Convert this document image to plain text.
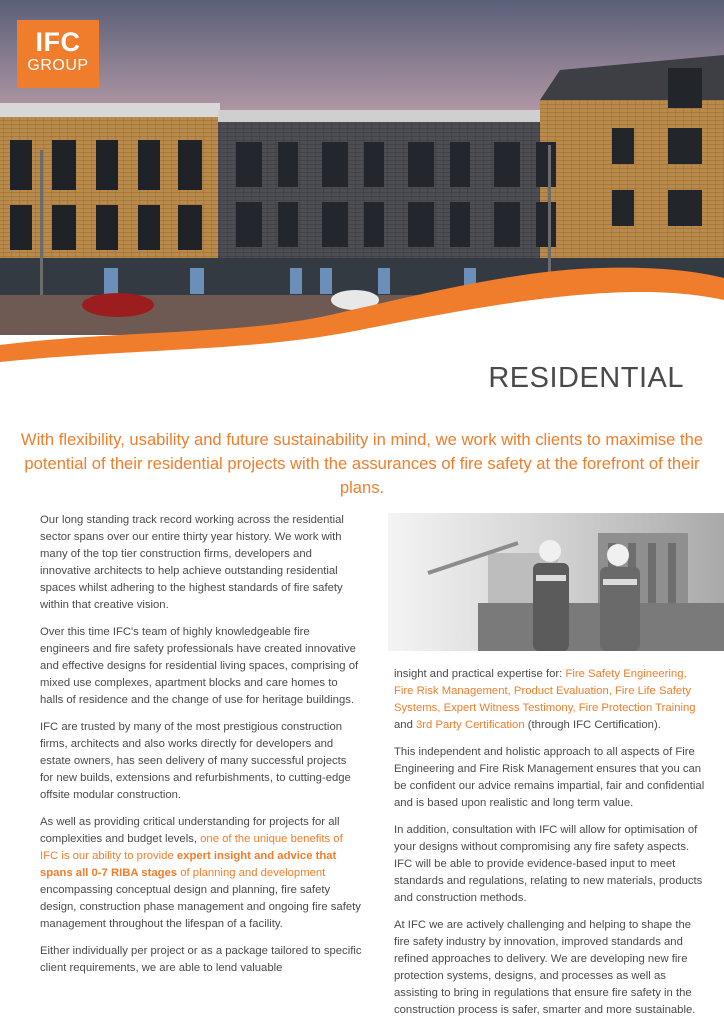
IFC
GROUP
RESIDENTIAL

With flexibility, usability and future sustainability in mind, we work with clients to maximise the potential of their residential projects with the assurances of fire safety at the forefront of their plans.

Our long standing track record working across the residential sector spans over our entire thirty year history. We work with many of the top tier construction firms, developers and innovative architects to help achieve outstanding residential spaces whilst adhering to the highest standards of fire safety within that creative vision.

Over this time IFC's team of highly knowledgeable fire engineers and fire safety professionals have created innovative and effective designs for residential living spaces, comprising of mixed use complexes, apartment blocks and care homes to halls of residence and the change of use for heritage buildings.

IFC are trusted by many of the most prestigious construction firms, architects and also works directly for developers and estate owners, has seen delivery of many successful projects for new builds, extensions and refurbishments, to cutting-edge offsite modular construction.

As well as providing critical understanding for projects for all complexities and budget levels, one of the unique benefits of IFC is our ability to provide expert insight and advice that spans all 0-7 RIBA stages of planning and development encompassing conceptual design and planning, fire safety design, construction phase management and ongoing fire safety management throughout the lifespan of a facility.

Either individually per project or as a package tailored to specific client requirements, we are able to lend valuable

insight and practical expertise for: Fire Safety Engineering, Fire Risk Management, Product Evaluation, Fire Life Safety Systems, Expert Witness Testimony, Fire Protection Training and 3rd Party Certification (through IFC Certification).

This independent and holistic approach to all aspects of Fire Engineering and Fire Risk Management ensures that you can be confident our advice remains impartial, fair and confidential and is based upon realistic and long term value.

In addition, consultation with IFC will allow for optimisation of your designs without compromising any fire safety aspects. IFC will be able to provide evidence-based input to meet standards and regulations, relating to new materials, products and construction methods.

At IFC we are actively challenging and helping to shape the fire safety industry by innovation, improved standards and refined approaches to delivery. We are developing new fire protection systems, designs, and processes as well as assisting to bring in regulations that ensure fire safety in the construction process is safer, smarter and more sustainable.
